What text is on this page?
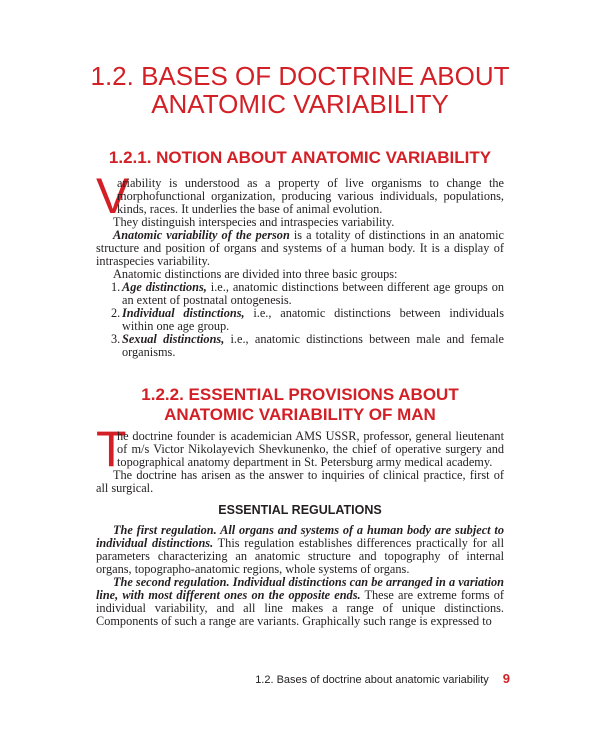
1.2. BASES OF DOCTRINE ABOUT ANATOMIC VARIABILITY
1.2.1. NOTION ABOUT ANATOMIC VARIABILITY

V
ariability is understood as a property of live organisms to change the morphofunctional organization, producing various individuals, populations, kinds, races. It underlies the base of animal evolution.

They distinguish interspecies and intraspecies variability.

Anatomic variability of the person is a totality of distinctions in an anatomic structure and position of organs and systems of a human body. It is a display of intraspecies variability.

Anatomic distinctions are divided into three basic groups:

1. Age distinctions, i.e., anatomic distinctions between different age groups on an extent of postnatal ontogenesis.
2. Individual distinctions, i.e., anatomic distinctions between individuals within one age group.
3. Sexual distinctions, i.e., anatomic distinctions between male and female organisms.
1.2.2. ESSENTIAL PROVISIONS ABOUT ANATOMIC VARIABILITY OF MAN

T
he doctrine founder is academician AMS USSR, professor, general lieutenant of m/s Victor Nikolayevich Shevkunenko, the chief of operative surgery and topographical anatomy department in St. Petersburg army medical academy.

The doctrine has arisen as the answer to inquiries of clinical practice, first of all surgical.

ESSENTIAL REGULATIONS

The first regulation. All organs and systems of a human body are subject to individual distinctions. This regulation establishes differences practically for all parameters characterizing an anatomic structure and topography of internal organs, topographo-anatomic regions, whole systems of organs.

The second regulation. Individual distinctions can be arranged in a variation line, with most different ones on the opposite ends. These are extreme forms of individual variability, and all line makes a range of unique distinctions. Components of such a range are variants. Graphically such range is expressed to

1.2. Bases of doctrine about anatomic variability 9
